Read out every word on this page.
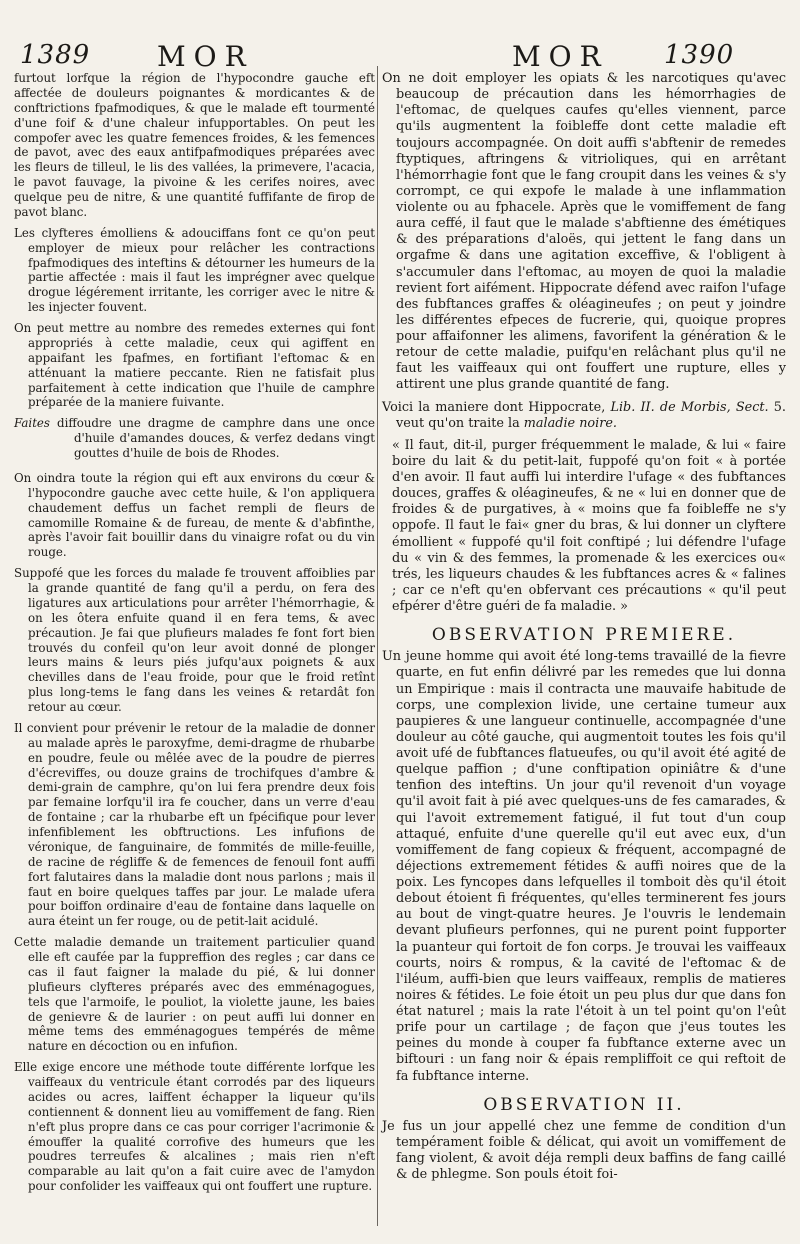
1389 MOR	MOR 1390

furtout lorfque la région de l'hypocondre gauche eft affectée de douleurs poignantes & mordicantes & de conftrictions fpafmodiques, & que le malade eft tourmenté d'une foif & d'une chaleur infupportables. On peut les compofer avec les quatre femences froides, & les femences de pavot, avec des eaux antifpafmodiques préparées avec les fleurs de tilleul, le lis des vallées, la primevere, l'acacia, le pavot fauvage, la pivoine & les cerifes noires, avec quelque peu de nitre, & une quantité fuffifante de firop de pavot blanc.

Les clyfteres émolliens & adouciffans font ce qu'on peut employer de mieux pour relâcher les contractions fpafmodiques des inteftins & détourner les humeurs de la partie affectée : mais il faut les imprégner avec quelque drogue légérement irritante, les corriger avec le nitre & les injecter fouvent.

On peut mettre au nombre des remedes externes qui font appropriés à cette maladie, ceux qui agiffent en appaifant les fpafmes, en fortifiant l'eftomac & en atténuant la matiere peccante. Rien ne fatisfait plus parfaitement à cette indication que l'huile de camphre préparée de la maniere fuivante.

Faites diffoudre une dragme de camphre dans une once d'huile d'amandes douces, & verfez dedans vingt gouttes d'huile de bois de Rhodes.

On oindra toute la région qui eft aux environs du cœur & l'hypocondre gauche avec cette huile, & l'on appliquera chaudement deffus un fachet rempli de fleurs de camomille Romaine & de fureau, de mente & d'abfinthe, après l'avoir fait bouillir dans du vinaigre rofat ou du vin rouge.

Suppofé que les forces du malade fe trouvent affoiblies par la grande quantité de fang qu'il a perdu, on fera des ligatures aux articulations pour arrêter l'hémorrhagie, & on les ôtera enfuite quand il en fera tems, & avec précaution. Je fai que plufieurs malades fe font fort bien trouvés du confeil qu'on leur avoit donné de plonger leurs mains & leurs piés jufqu'aux poignets & aux chevilles dans de l'eau froide, pour que le froid retînt plus long-tems le fang dans les veines & retardât fon retour au cœur.

Il convient pour prévenir le retour de la maladie de donner au malade après le paroxyfme, demi-dragme de rhubarbe en poudre, feule ou mêlée avec de la poudre de pierres d'écreviffes, ou douze grains de trochifques d'ambre & demi-grain de camphre, qu'on lui fera prendre deux fois par femaine lorfqu'il ira fe coucher, dans un verre d'eau de fontaine ; car la rhubarbe eft un fpécifique pour lever infenfiblement les obftructions. Les infufions de véronique, de fanguinaire, de fommités de mille-feuille, de racine de régliffe & de femences de fenouil font auffi fort falutaires dans la maladie dont nous parlons ; mais il faut en boire quelques taffes par jour. Le malade ufera pour boiffon ordinaire d'eau de fontaine dans laquelle on aura éteint un fer rouge, ou de petit-lait acidulé.

Cette maladie demande un traitement particulier quand elle eft caufée par la fuppreffion des regles ; car dans ce cas il faut faigner la malade du pié, & lui donner plufieurs clyfteres préparés avec des emménagogues, tels que l'armoife, le pouliot, la violette jaune, les baies de genievre & de laurier : on peut auffi lui donner en même tems des emménagogues tempérés de même nature en décoction ou en infufion.

Elle exige encore une méthode toute différente lorfque les vaiffeaux du ventricule étant corrodés par des liqueurs acides ou acres, laiffent échapper la liqueur qu'ils contiennent & donnent lieu au vomiffement de fang. Rien n'eft plus propre dans ce cas pour corriger l'acrimonie & émouffer la qualité corrofive des humeurs que les poudres terreufes & alcalines ; mais rien n'eft comparable au lait qu'on a fait cuire avec de l'amydon pour confolider les vaiffeaux qui ont fouffert une rupture.

On ne doit employer les opiats & les narcotiques qu'avec beaucoup de précaution dans les hémorrhagies de l'eftomac, de quelques caufes qu'elles viennent, parce qu'ils augmentent la foibleffe dont cette maladie eft toujours accompagnée. On doit auffi s'abftenir de remedes ftyptiques, aftringens & vitrioliques, qui en arrêtant l'hémorrhagie font que le fang croupit dans les veines & s'y corrompt, ce qui expofe le malade à une inflammation violente ou au fphacele. Après que le vomiffement de fang aura ceffé, il faut que le malade s'abftienne des émétiques & des préparations d'aloës, qui jettent le fang dans un orgafme & dans une agitation exceffive, & l'obligent à s'accumuler dans l'eftomac, au moyen de quoi la maladie revient fort aifément. Hippocrate défend avec raifon l'ufage des fubftances graffes & oléagineufes ; on peut y joindre les différentes efpeces de fucrerie, qui, quoique propres pour affaifonner les alimens, favorifent la génération & le retour de cette maladie, puifqu'en relâchant plus qu'il ne faut les vaiffeaux qui ont fouffert une rupture, elles y attirent une plus grande quantité de fang.

Voici la maniere dont Hippocrate, Lib. II. de Morbis, Sect. 5. veut qu'on traite la maladie noire.

« Il faut, dit-il, purger fréquemment le malade, & lui « faire boire du lait & du petit-lait, fuppofé qu'on foit « à portée d'en avoir. Il faut auffi lui interdire l'ufage « des fubftances douces, graffes & oléagineufes, & ne « lui en donner que de froides & de purgatives, à « moins que fa foibleffe ne s'y oppofe. Il faut le fai« gner du bras, & lui donner un clyftere émollient « fuppofé qu'il foit conftipé ; lui défendre l'ufage du « vin & des femmes, la promenade & les exercices ou« trés, les liqueurs chaudes & les fubftances acres & « falines ; car ce n'eft qu'en obfervant ces précautions « qu'il peut efpérer d'être guéri de fa maladie. »

OBSERVATION PREMIERE.

Un jeune homme qui avoit été long-tems travaillé de la fievre quarte, en fut enfin délivré par les remedes que lui donna un Empirique : mais il contracta une mauvaife habitude de corps, une complexion livide, une certaine tumeur aux paupieres & une langueur continuelle, accompagnée d'une douleur au côté gauche, qui augmentoit toutes les fois qu'il avoit ufé de fubftances flatueufes, ou qu'il avoit été agité de quelque paffion ; d'une conftipation opiniâtre & d'une tenfion des inteftins. Un jour qu'il revenoit d'un voyage qu'il avoit fait à pié avec quelques-uns de fes camarades, & qui l'avoit extremement fatigué, il fut tout d'un coup attaqué, enfuite d'une querelle qu'il eut avec eux, d'un vomiffement de fang copieux & fréquent, accompagné de déjections extremement fétides & auffi noires que de la poix. Les fyncopes dans lefquelles il tomboit dès qu'il étoit debout étoient fi fréquentes, qu'elles terminerent fes jours au bout de vingt-quatre heures. Je l'ouvris le lendemain devant plufieurs perfonnes, qui ne purent point fupporter la puanteur qui fortoit de fon corps. Je trouvai les vaiffeaux courts, noirs & rompus, & la cavité de l'eftomac & de l'iléum, auffi-bien que leurs vaiffeaux, remplis de matieres noires & fétides. Le foie étoit un peu plus dur que dans fon état naturel ; mais la rate l'étoit à un tel point qu'on l'eût prife pour un cartilage ; de façon que j'eus toutes les peines du monde à couper fa fubftance externe avec un biftouri : un fang noir & épais rempliffoit ce qui reftoit de fa fubftance interne.

OBSERVATION II.

Je fus un jour appellé chez une femme de condition d'un tempérament foible & délicat, qui avoit un vomiffement de fang violent, & avoit déja rempli deux baffins de fang caillé & de phlegme. Son pouls étoit foi-
